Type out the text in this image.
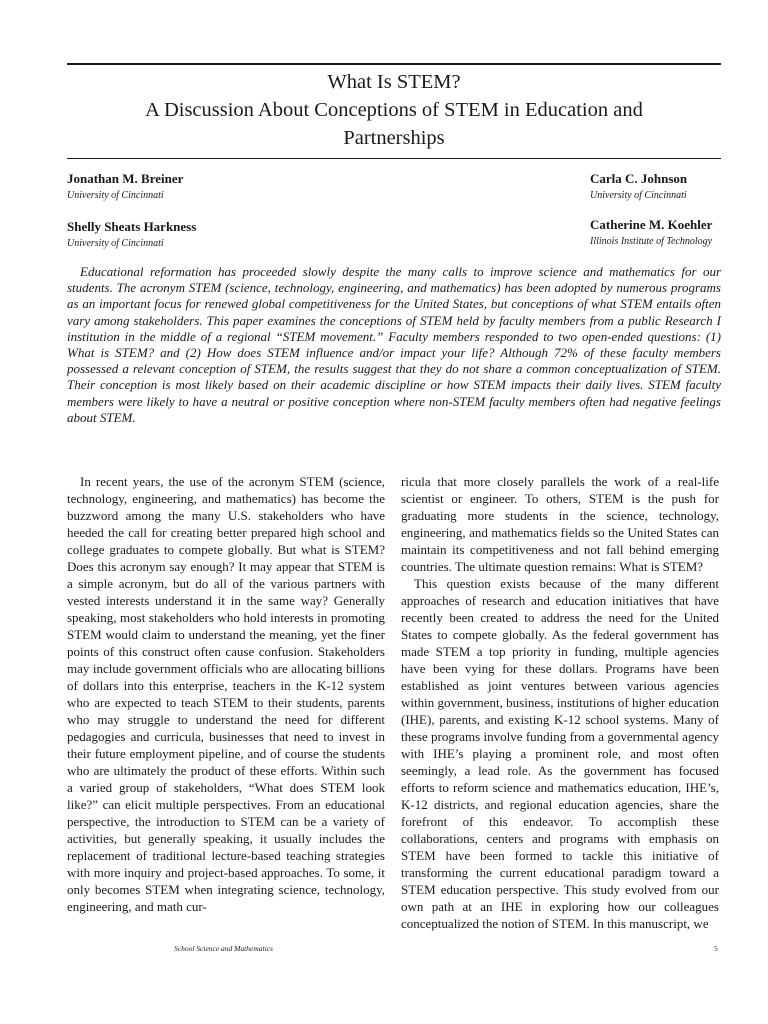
What Is STEM?
A Discussion About Conceptions of STEM in Education and
Partnerships
Jonathan M. Breiner
University of Cincinnati
Carla C. Johnson
University of Cincinnati
Shelly Sheats Harkness
University of Cincinnati
Catherine M. Koehler
Illinois Institute of Technology

Educational reformation has proceeded slowly despite the many calls to improve science and mathematics for our students. The acronym STEM (science, technology, engineering, and mathematics) has been adopted by numerous programs as an important focus for renewed global competitiveness for the United States, but conceptions of what STEM entails often vary among stakeholders. This paper examines the conceptions of STEM held by faculty members from a public Research I institution in the middle of a regional “STEM movement.” Faculty members responded to two open-ended questions: (1) What is STEM? and (2) How does STEM influence and/or impact your life? Although 72% of these faculty members possessed a relevant conception of STEM, the results suggest that they do not share a common conceptualization of STEM. Their conception is most likely based on their academic discipline or how STEM impacts their daily lives. STEM faculty members were likely to have a neutral or positive conception where non-STEM faculty members often had negative feelings about STEM.

In recent years, the use of the acronym STEM (science, technology, engineering, and mathematics) has become the buzzword among the many U.S. stakeholders who have heeded the call for creating better prepared high school and college graduates to compete globally. But what is STEM? Does this acronym say enough? It may appear that STEM is a simple acronym, but do all of the various partners with vested interests understand it in the same way? Generally speaking, most stakeholders who hold interests in promoting STEM would claim to understand the meaning, yet the finer points of this construct often cause confusion. Stakeholders may include government officials who are allocating billions of dollars into this enterprise, teachers in the K-12 system who are expected to teach STEM to their students, parents who may struggle to understand the need for different pedagogies and curricula, businesses that need to invest in their future employment pipeline, and of course the students who are ultimately the product of these efforts. Within such a varied group of stakeholders, “What does STEM look like?” can elicit multiple perspectives. From an educational perspective, the introduction to STEM can be a variety of activities, but generally speaking, it usually includes the replacement of traditional lecture-based teaching strategies with more inquiry and project-based approaches. To some, it only becomes STEM when integrating science, technology, engineering, and math cur-

ricula that more closely parallels the work of a real-life scientist or engineer. To others, STEM is the push for graduating more students in the science, technology, engineering, and mathematics fields so the United States can maintain its competitiveness and not fall behind emerging countries. The ultimate question remains: What is STEM?

This question exists because of the many different approaches of research and education initiatives that have recently been created to address the need for the United States to compete globally. As the federal government has made STEM a top priority in funding, multiple agencies have been vying for these dollars. Programs have been established as joint ventures between various agencies within government, business, institutions of higher education (IHE), parents, and existing K-12 school systems. Many of these programs involve funding from a governmental agency with IHE’s playing a prominent role, and most often seemingly, a lead role. As the government has focused efforts to reform science and mathematics education, IHE’s, K-12 districts, and regional education agencies, share the forefront of this endeavor. To accomplish these collaborations, centers and programs with emphasis on STEM have been formed to tackle this initiative of transforming the current educational paradigm toward a STEM education perspective. This study evolved from our own path at an IHE in exploring how our colleagues conceptualized the notion of STEM. In this manuscript, we

School Science and Mathematics	5
